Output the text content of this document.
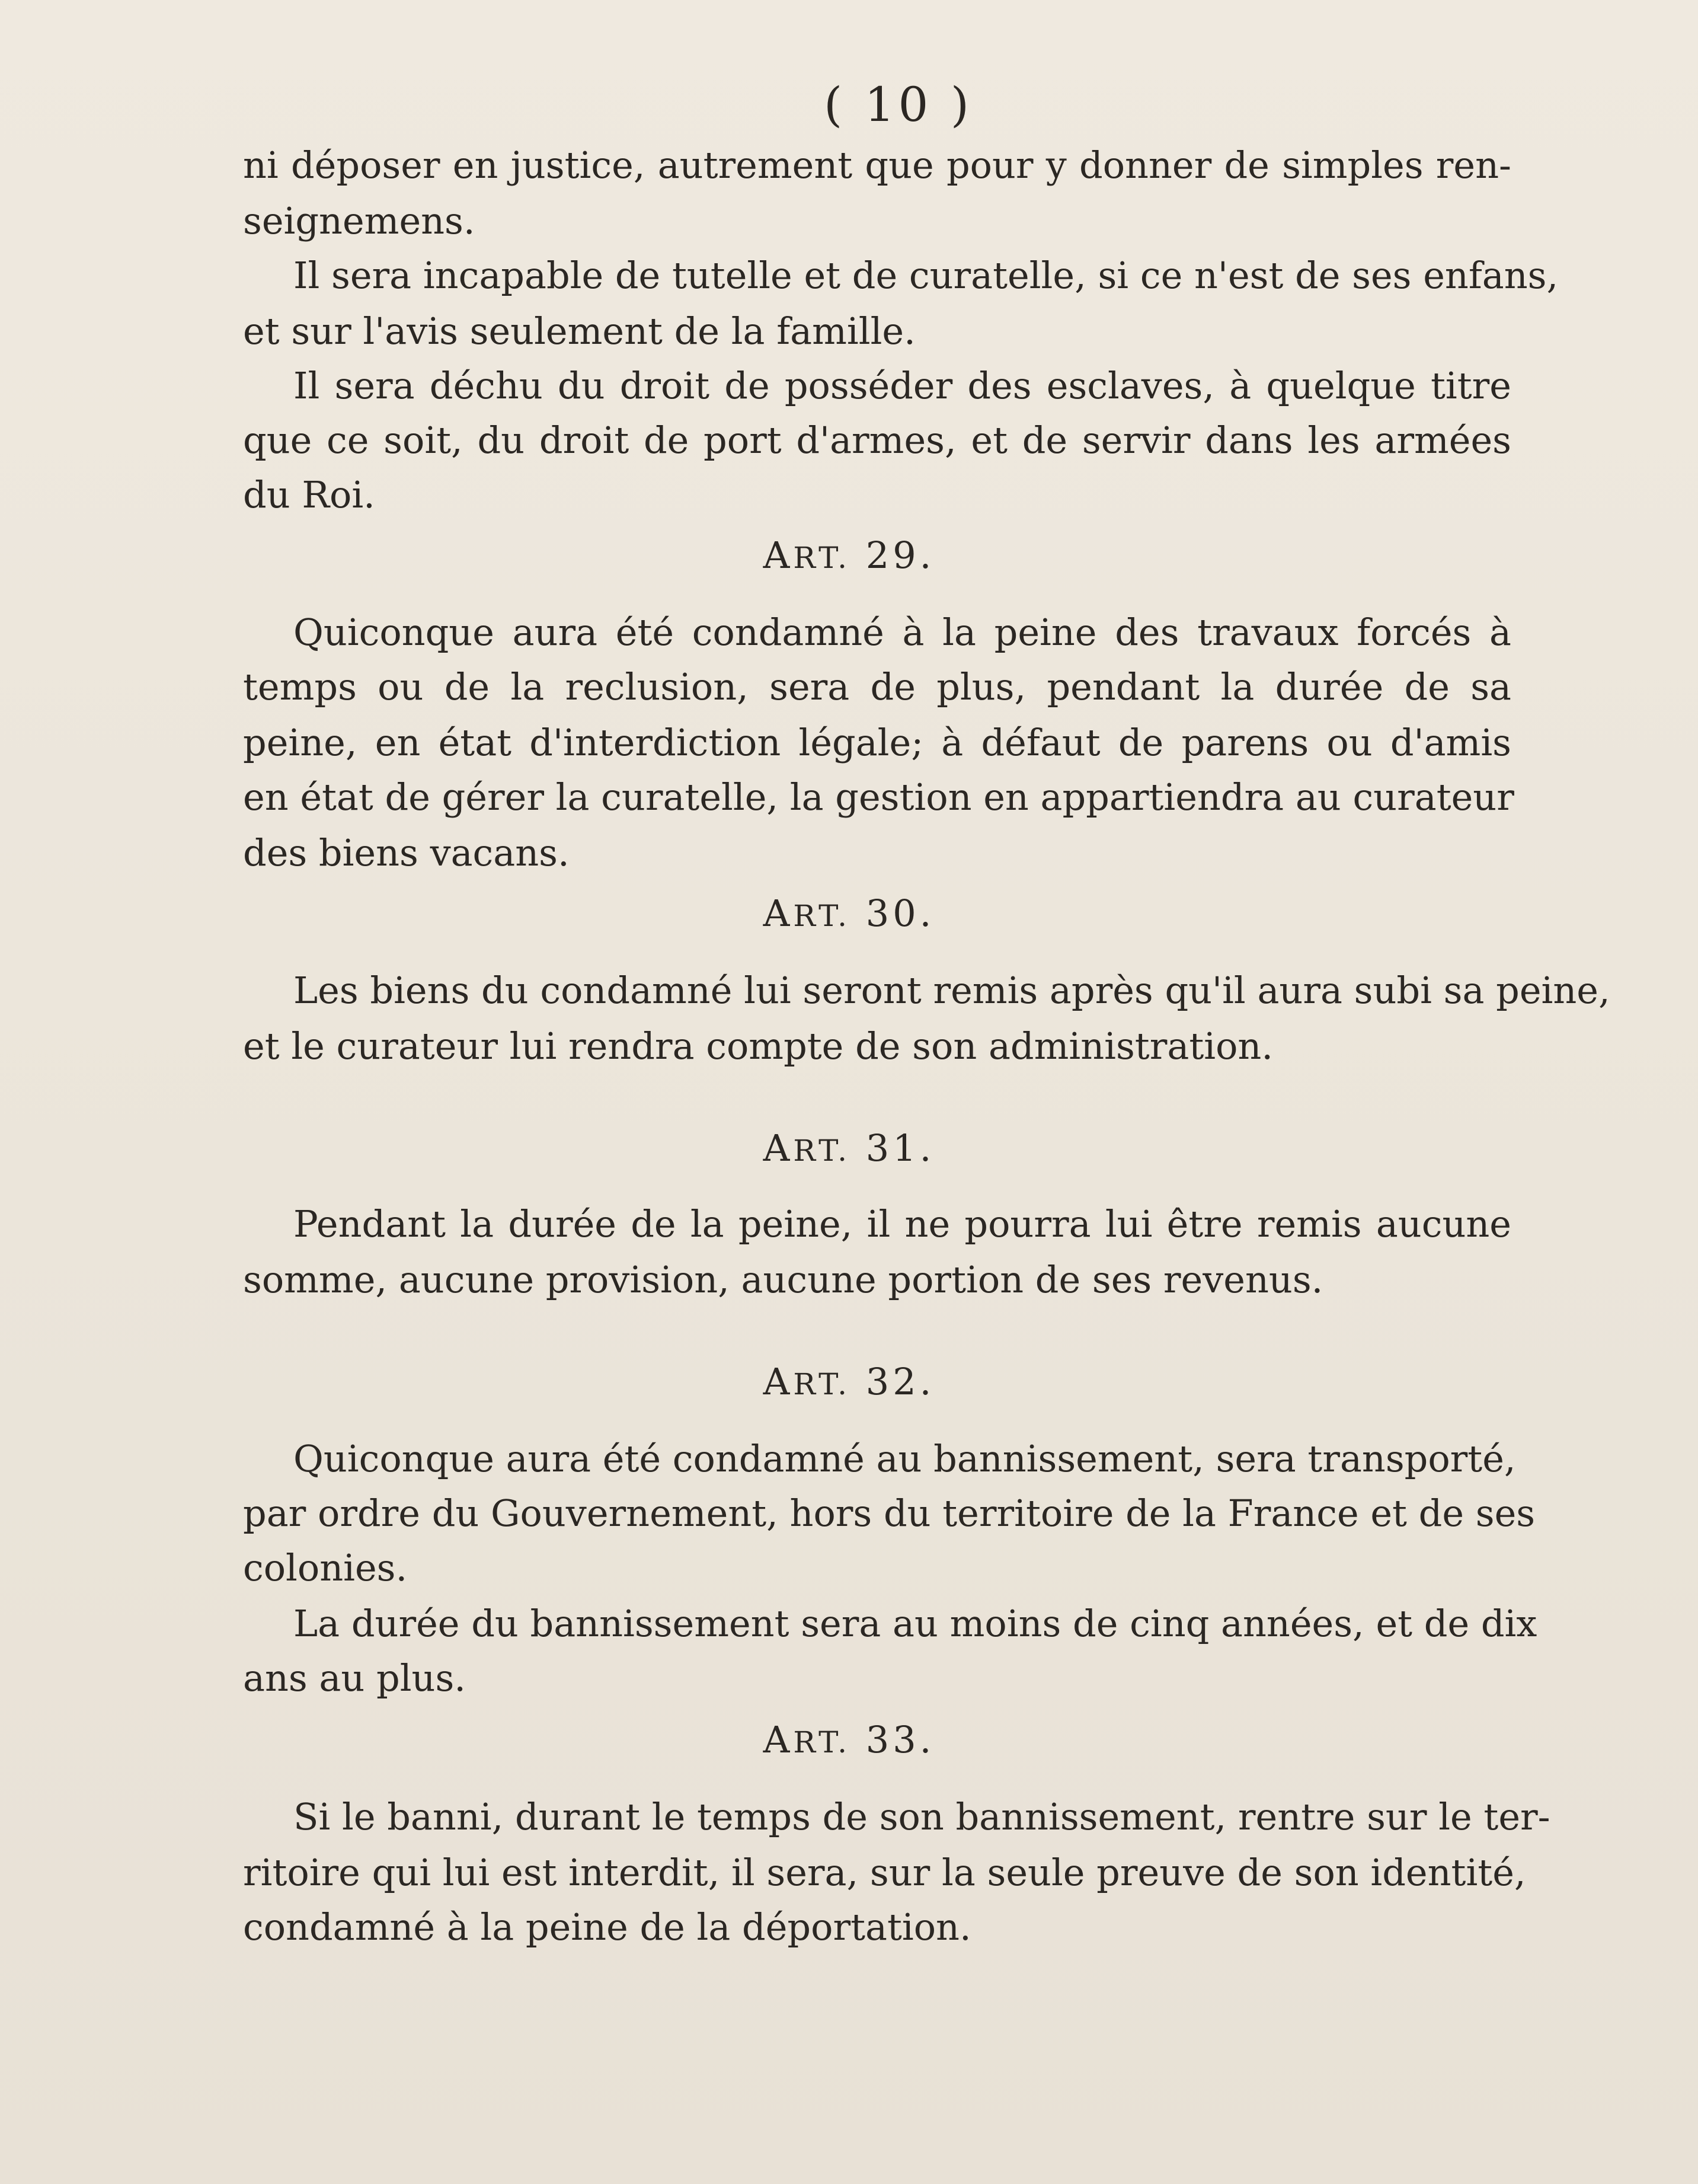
( 10 )
ni déposer en justice, autrement que pour y donner de simples ren-
seignemens.
Il sera incapable de tutelle et de curatelle, si ce n'est de ses enfans,
et sur l'avis seulement de la famille.
Il sera déchu du droit de posséder des esclaves, à quelque titre
que ce soit, du droit de port d'armes, et de servir dans les armées
du Roi.
ART. 29.
Quiconque aura été condamné à la peine des travaux forcés à
temps ou de la reclusion, sera de plus, pendant la durée de sa
peine, en état d'interdiction légale; à défaut de parens ou d'amis
en état de gérer la curatelle, la gestion en appartiendra au curateur
des biens vacans.
ART. 30.
Les biens du condamné lui seront remis après qu'il aura subi sa peine,
et le curateur lui rendra compte de son administration.
ART. 31.
Pendant la durée de la peine, il ne pourra lui être remis aucune
somme, aucune provision, aucune portion de ses revenus.
ART. 32.
Quiconque aura été condamné au bannissement, sera transporté,
par ordre du Gouvernement, hors du territoire de la France et de ses
colonies.
La durée du bannissement sera au moins de cinq années, et de dix
ans au plus.
ART. 33.
Si le banni, durant le temps de son bannissement, rentre sur le ter-
ritoire qui lui est interdit, il sera, sur la seule preuve de son identité,
condamné à la peine de la déportation.
